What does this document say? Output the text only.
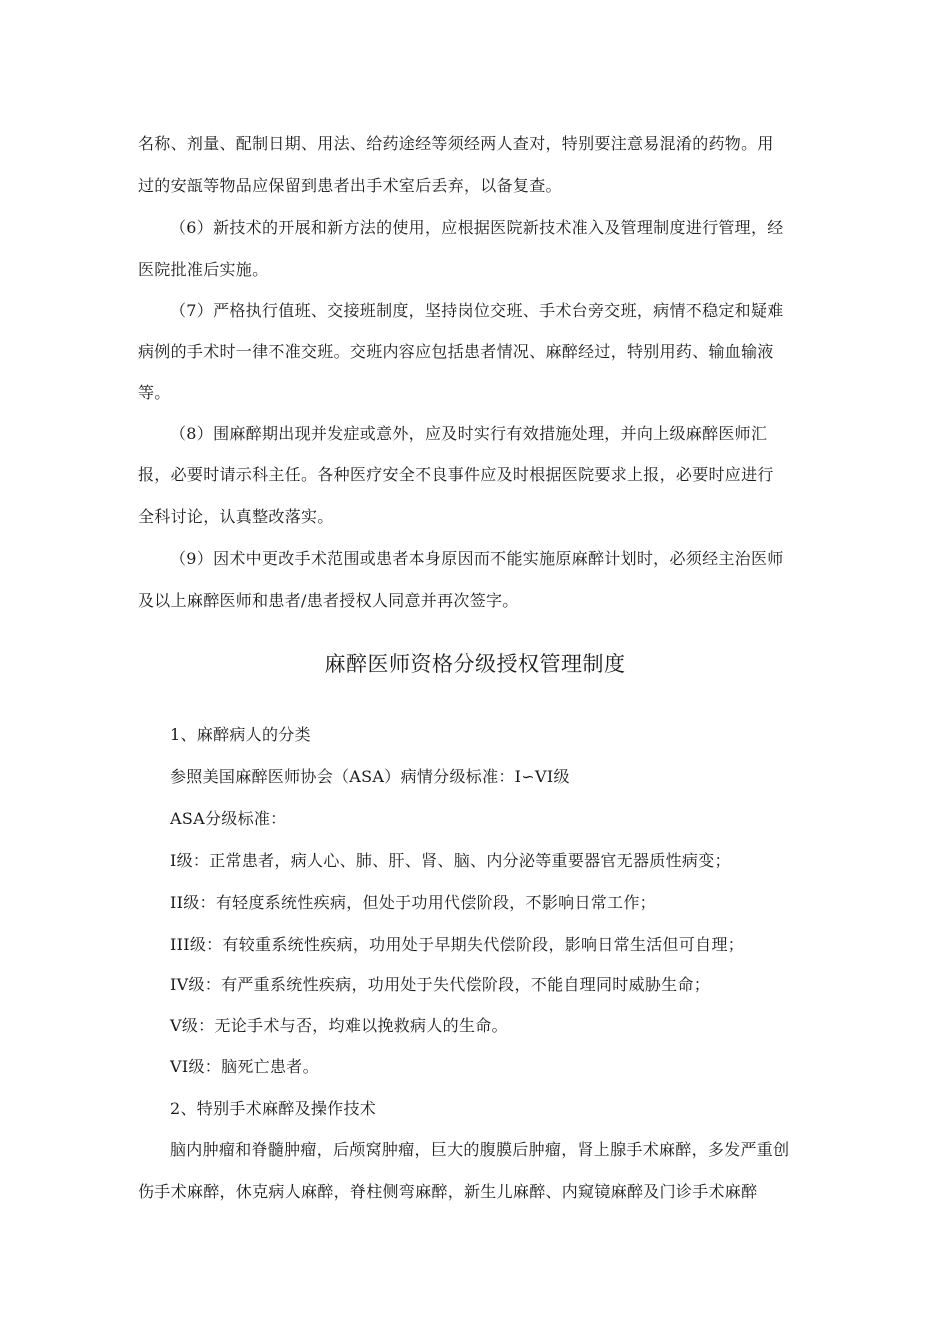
名称、剂量、配制日期、用法、给药途经等须经两人查对，特别要注意易混淆的药物。用
过的安瓿等物品应保留到患者出手术室后丢弃，以备复查。
（6）新技术的开展和新方法的使用，应根据医院新技术准入及管理制度进行管理，经
医院批准后实施。
（7）严格执行值班、交接班制度，坚持岗位交班、手术台旁交班，病情不稳定和疑难
病例的手术时一律不准交班。交班内容应包括患者情况、麻醉经过，特别用药、输血输液
等。
（8）围麻醉期出现并发症或意外，应及时实行有效措施处理，并向上级麻醉医师汇
报，必要时请示科主任。各种医疗安全不良事件应及时根据医院要求上报，必要时应进行
全科讨论，认真整改落实。
（9）因术中更改手术范围或患者本身原因而不能实施原麻醉计划时，必须经主治医师
及以上麻醉医师和患者/患者授权人同意并再次签字。
麻醉医师资格分级授权管理制度
1、麻醉病人的分类
参照美国麻醉医师协会（ASA）病情分级标准：I∽VI级
ASA分级标准：
I级：正常患者，病人心、肺、肝、肾、脑、内分泌等重要器官无器质性病变；
II级：有轻度系统性疾病，但处于功用代偿阶段，不影响日常工作；
III级：有较重系统性疾病，功用处于早期失代偿阶段，影响日常生活但可自理；
IV级：有严重系统性疾病，功用处于失代偿阶段，不能自理同时威胁生命；
V级：无论手术与否，均难以挽救病人的生命。
VI级：脑死亡患者。
2、特别手术麻醉及操作技术
脑内肿瘤和脊髓肿瘤，后颅窝肿瘤，巨大的腹膜后肿瘤，肾上腺手术麻醉，多发严重创
伤手术麻醉，休克病人麻醉，脊柱侧弯麻醉，新生儿麻醉、内窥镜麻醉及门诊手术麻醉
